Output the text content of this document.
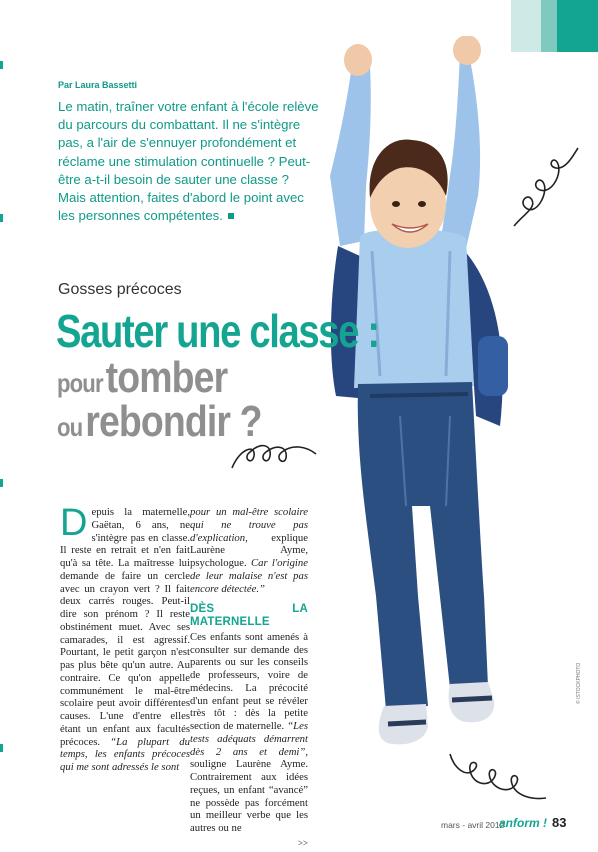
Par Laura Bassetti
Le matin, traîner votre enfant à l'école relève du parcours du combattant. Il ne s'intègre pas, a l'air de s'ennuyer profondément et réclame une stimulation continuelle ? Peut-être a-t-il besoin de sauter une classe ? Mais attention, faites d'abord le point avec les personnes compétentes.
Gosses précoces
Sauter une classe :
pour tomber
ou rebondir ?
© ISTOCKPHOTO

Depuis la maternelle, Gaëtan, 6 ans, ne s'intègre pas en classe. Il reste en retrait et n'en fait qu'à sa tête. La maîtresse lui demande de faire un cercle avec un crayon vert ? Il fait deux carrés rouges. Peut-il dire son prénom ? Il reste obstinément muet. Avec ses camarades, il est agressif. Pourtant, le petit garçon n'est pas plus bête qu'un autre. Au contraire. Ce qu'on appelle communément le mal-être scolaire peut avoir différentes causes. L'une d'entre elles étant un enfant aux facultés précoces. “La plupart du temps, les enfants précoces qui me sont adressés le sont

pour un mal-être scolaire qui ne trouve pas d'explication, explique Laurène Ayme, psychologue. Car l'origine de leur malaise n'est pas encore détectée.”

DÈS LA MATERNELLE

Ces enfants sont amenés à consulter sur demande des parents ou sur les conseils de professeurs, voire de médecins. La précocité d'un enfant peut se révéler très tôt : dès la petite section de maternelle. “Les tests adéquats démarrent dès 2 ans et demi”, souligne Laurène Ayme. Contrairement aux idées reçues, un enfant “avancé” ne possède pas forcément un meilleur verbe que les autres ou ne

>>
mars - avril 2012
anform ! 83
